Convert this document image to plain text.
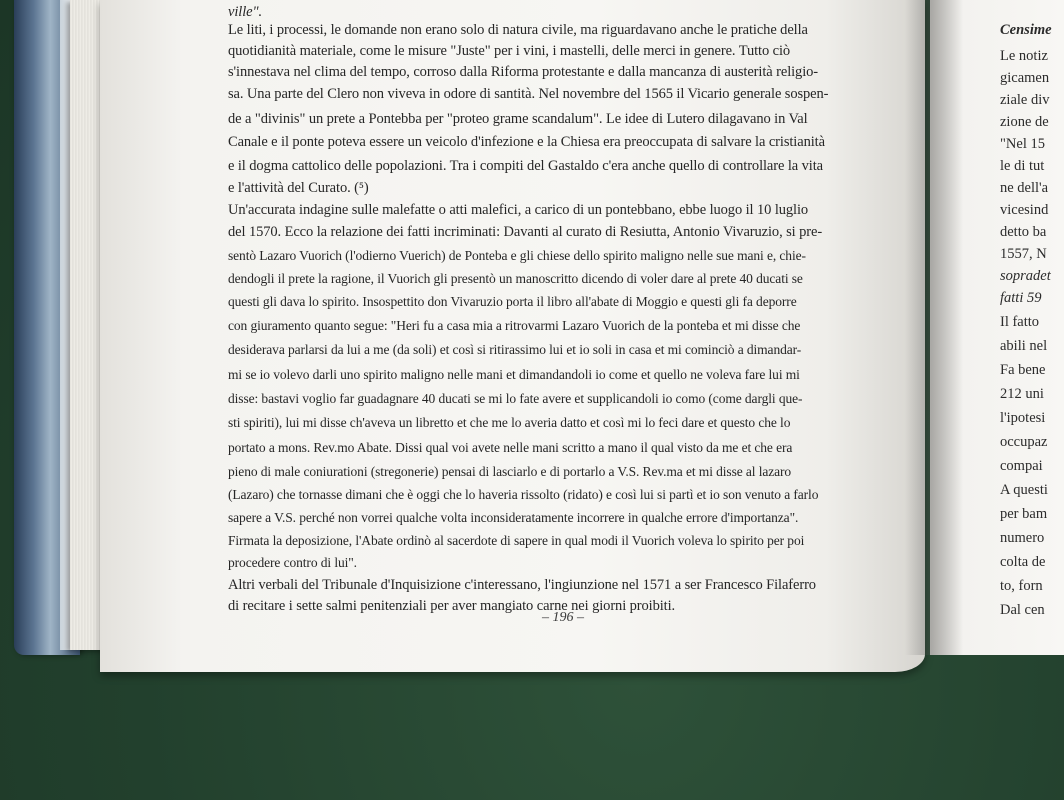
ville".
Le liti, i processi, le domande non erano solo di natura civile, ma riguardavano anche le pratiche della
quotidianità materiale, come le misure "Juste" per i vini, i mastelli, delle merci in genere. Tutto ciò
s'innestava nel clima del tempo, corroso dalla Riforma protestante e dalla mancanza di austerità religio-
sa. Una parte del Clero non viveva in odore di santità. Nel novembre del 1565 il Vicario generale sospen-
de a "divinis" un prete a Pontebba per "proteo grame scandalum". Le idee di Lutero dilagavano in Val
Canale e il ponte poteva essere un veicolo d'infezione e la Chiesa era preoccupata di salvare la cristianità
e il dogma cattolico delle popolazioni. Tra i compiti del Gastaldo c'era anche quello di controllare la vita
e l'attività del Curato. (⁵)
Un'accurata indagine sulle malefatte o atti malefici, a carico di un pontebbano, ebbe luogo il 10 luglio
del 1570. Ecco la relazione dei fatti incriminati: Davanti al curato di Resiutta, Antonio Vivaruzio, si pre-
sentò Lazaro Vuorich (l'odierno Vuerich) de Ponteba e gli chiese dello spirito maligno nelle sue mani e, chie-
dendogli il prete la ragione, il Vuorich gli presentò un manoscritto dicendo di voler dare al prete 40 ducati se
questi gli dava lo spirito. Insospettito don Vivaruzio porta il libro all'abate di Moggio e questi gli fa deporre
con giuramento quanto segue: "Heri fu a casa mia a ritrovarmi Lazaro Vuorich de la ponteba et mi disse che
desiderava parlarsi da lui a me (da soli) et così si ritirassimo lui et io soli in casa et mi cominciò a dimandar-
mi se io volevo darli uno spirito maligno nelle mani et dimandandoli io come et quello ne voleva fare lui mi
disse: bastavi voglio far guadagnare 40 ducati se mi lo fate avere et supplicandoli io como (come dargli que-
sti spiriti), lui mi disse ch'aveva un libretto et che me lo averia datto et così mi lo feci dare et questo che lo
portato a mons. Rev.mo Abate. Dissi qual voi avete nelle mani scritto a mano il qual visto da me et che era
pieno di male coniurationi (stregonerie) pensai di lasciarlo e di portarlo a V.S. Rev.ma et mi disse al lazaro
(Lazaro) che tornasse dimani che è oggi che lo haveria rissolto (ridato) e così lui si partì et io son venuto a farlo
sapere a V.S. perché non vorrei qualche volta inconsideratamente incorrere in qualche errore d'importanza".
Firmata la deposizione, l'Abate ordinò al sacerdote di sapere in qual modi il Vuorich voleva lo spirito per poi
procedere contro di lui".
Altri verbali del Tribunale d'Inquisizione c'interessano, l'ingiunzione nel 1571 a ser Francesco Filaferro
di recitare i sette salmi penitenziali per aver mangiato carne nei giorni proibiti.
– 196 –
Censime
Le notiz
gicamen
ziale div
zione de
"Nel 15
le di tut
ne dell'a
vicesind
detto ba
1557, N
sopradet
fatti 59
Il fatto
abili nel
Fa bene
212 uni
l'ipotesi
occupaz
compai
A questi
per bam
numero
colta de
to, forn
Dal cen
